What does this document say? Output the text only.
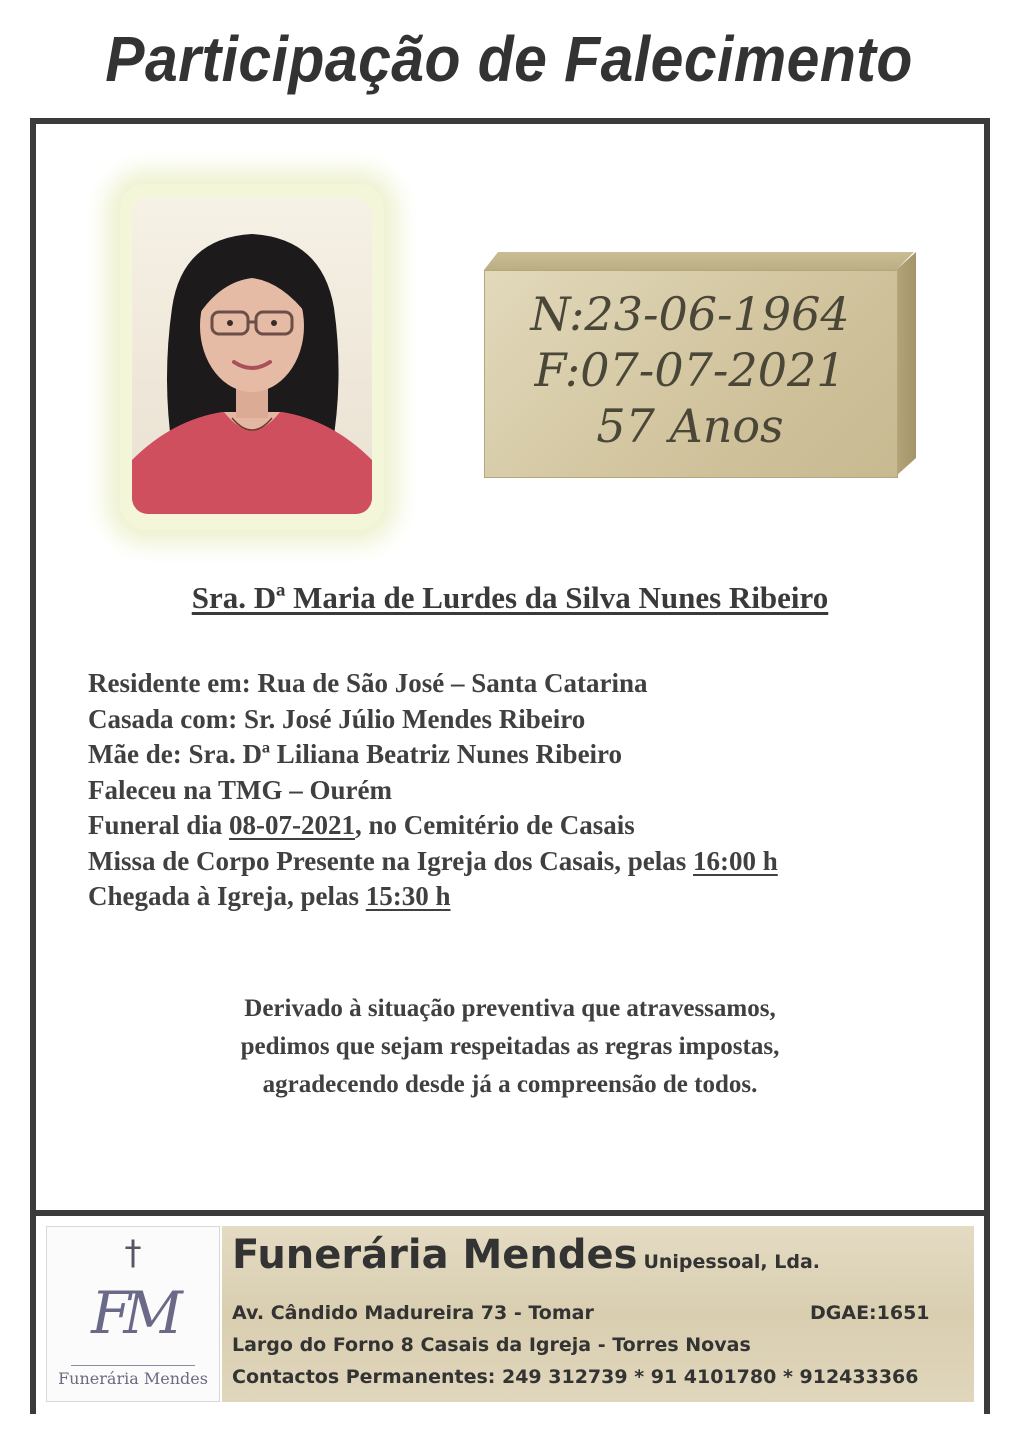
Participação de Falecimento
N:23-06-1964
F:07-07-2021
57 Anos
Sra. Dª Maria de Lurdes da Silva Nunes Ribeiro
Residente em: Rua de São José – Santa Catarina
Casada com: Sr. José Júlio Mendes Ribeiro
Mãe de: Sra. Dª Liliana Beatriz Nunes Ribeiro
Faleceu na TMG – Ourém
Funeral dia 08-07-2021, no Cemitério de Casais
Missa de Corpo Presente na Igreja dos Casais, pelas 16:00 h
Chegada à Igreja, pelas 15:30 h
Derivado à situação preventiva que atravessamos,
pedimos que sejam respeitadas as regras impostas,
agradecendo desde já a compreensão de todos.
†
FM
Funerária Mendes
Funerária Mendes Unipessoal, Lda.
Av. Cândido Madureira 73 - Tomar	DGAE:1651
Largo do Forno 8 Casais da Igreja - Torres Novas
Contactos Permanentes: 249 312739 * 91 4101780 * 912433366
